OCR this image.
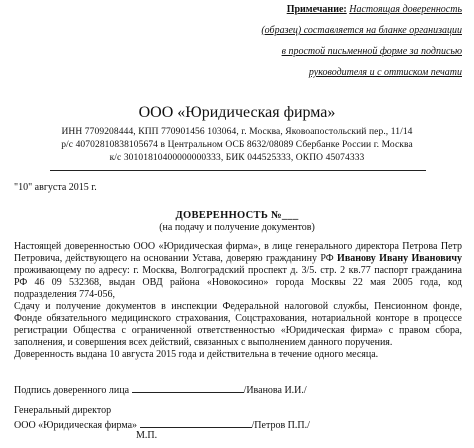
Примечание: Настоящая доверенность
(образец) составляется на бланке организации
в простой письменной форме за подписью
руководителя и с оттиском печати
ООО «Юридическая фирма»
ИНН 7709208444, КПП 770901456 103064, г. Москва, Яковоапостольский пер., 11/14
р/с 40702810838105674 в Центральном ОСБ 8632/08089 Сбербанке России г. Москва
к/с 30101810400000000333, БИК 044525333, ОКПО 45074333
"10" августа 2015 г.
ДОВЕРЕННОСТЬ №___
(на подачу и получение документов)
Настоящей доверенностью ООО «Юридическая фирма», в лице генерального директора Петрова Петр
Петровича, действующего на основании Устава, доверяю гражданину РФ Иванову Ивану Ивановичу
проживающему по адресу: г. Москва, Волгоградский проспект д. 3/5. стр. 2 кв.77 паспорт гражданина
РФ 46 09 532368, выдан ОВД района «Новокосино» города Москвы 22 мая 2005 года, код
подразделения 774-056,
Сдачу и получение документов в инспекции Федеральной налоговой службы, Пенсионном фонде,
Фонде обязательного медицинского страхования, Соцстрахования, нотариальной конторе в процессе
регистрации Общества с ограниченной ответственностью «Юридическая фирма» с правом сбора,
заполнения, и совершения всех действий, связанных с выполнением данного поручения.
Доверенность выдана 10 августа 2015 года и действительна в течение одного месяца.
Подпись доверенного лица	/Иванова И.И./
Генеральный директор
ООО «Юридическая фирма»	/Петров П.П./
М.П.
